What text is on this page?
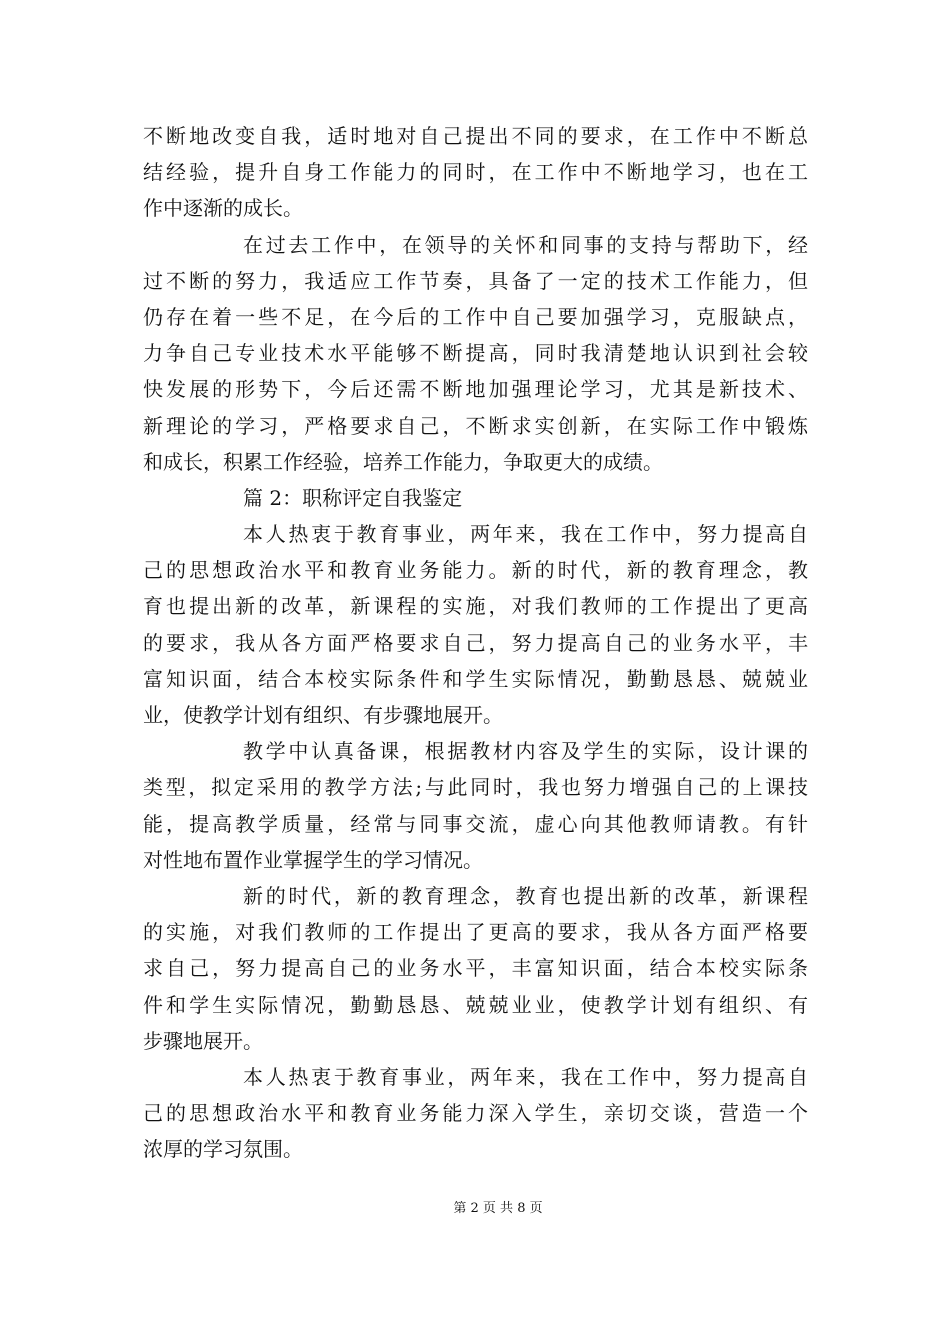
不断地改变自我，适时地对自己提出不同的要求，在工作中不断总
结经验，提升自身工作能力的同时，在工作中不断地学习，也在工
作中逐渐的成长。
在过去工作中，在领导的关怀和同事的支持与帮助下，经
过不断的努力，我适应工作节奏，具备了一定的技术工作能力，但
仍存在着一些不足，在今后的工作中自己要加强学习，克服缺点，
力争自己专业技术水平能够不断提高，同时我清楚地认识到社会较
快发展的形势下，今后还需不断地加强理论学习，尤其是新技术、
新理论的学习，严格要求自己，不断求实创新，在实际工作中锻炼
和成长，积累工作经验，培养工作能力，争取更大的成绩。
篇 2：职称评定自我鉴定
本人热衷于教育事业，两年来，我在工作中，努力提高自
己的思想政治水平和教育业务能力。新的时代，新的教育理念，教
育也提出新的改革，新课程的实施，对我们教师的工作提出了更高
的要求，我从各方面严格要求自己，努力提高自己的业务水平，丰
富知识面，结合本校实际条件和学生实际情况，勤勤恳恳、兢兢业
业，使教学计划有组织、有步骤地展开。
教学中认真备课，根据教材内容及学生的实际，设计课的
类型，拟定采用的教学方法;与此同时，我也努力增强自己的上课技
能，提高教学质量，经常与同事交流，虚心向其他教师请教。有针
对性地布置作业掌握学生的学习情况。
新的时代，新的教育理念，教育也提出新的改革，新课程
的实施，对我们教师的工作提出了更高的要求，我从各方面严格要
求自己，努力提高自己的业务水平，丰富知识面，结合本校实际条
件和学生实际情况，勤勤恳恳、兢兢业业，使教学计划有组织、有
步骤地展开。
本人热衷于教育事业，两年来，我在工作中，努力提高自
己的思想政治水平和教育业务能力深入学生，亲切交谈，营造一个
浓厚的学习氛围。
第 2 页 共 8 页
